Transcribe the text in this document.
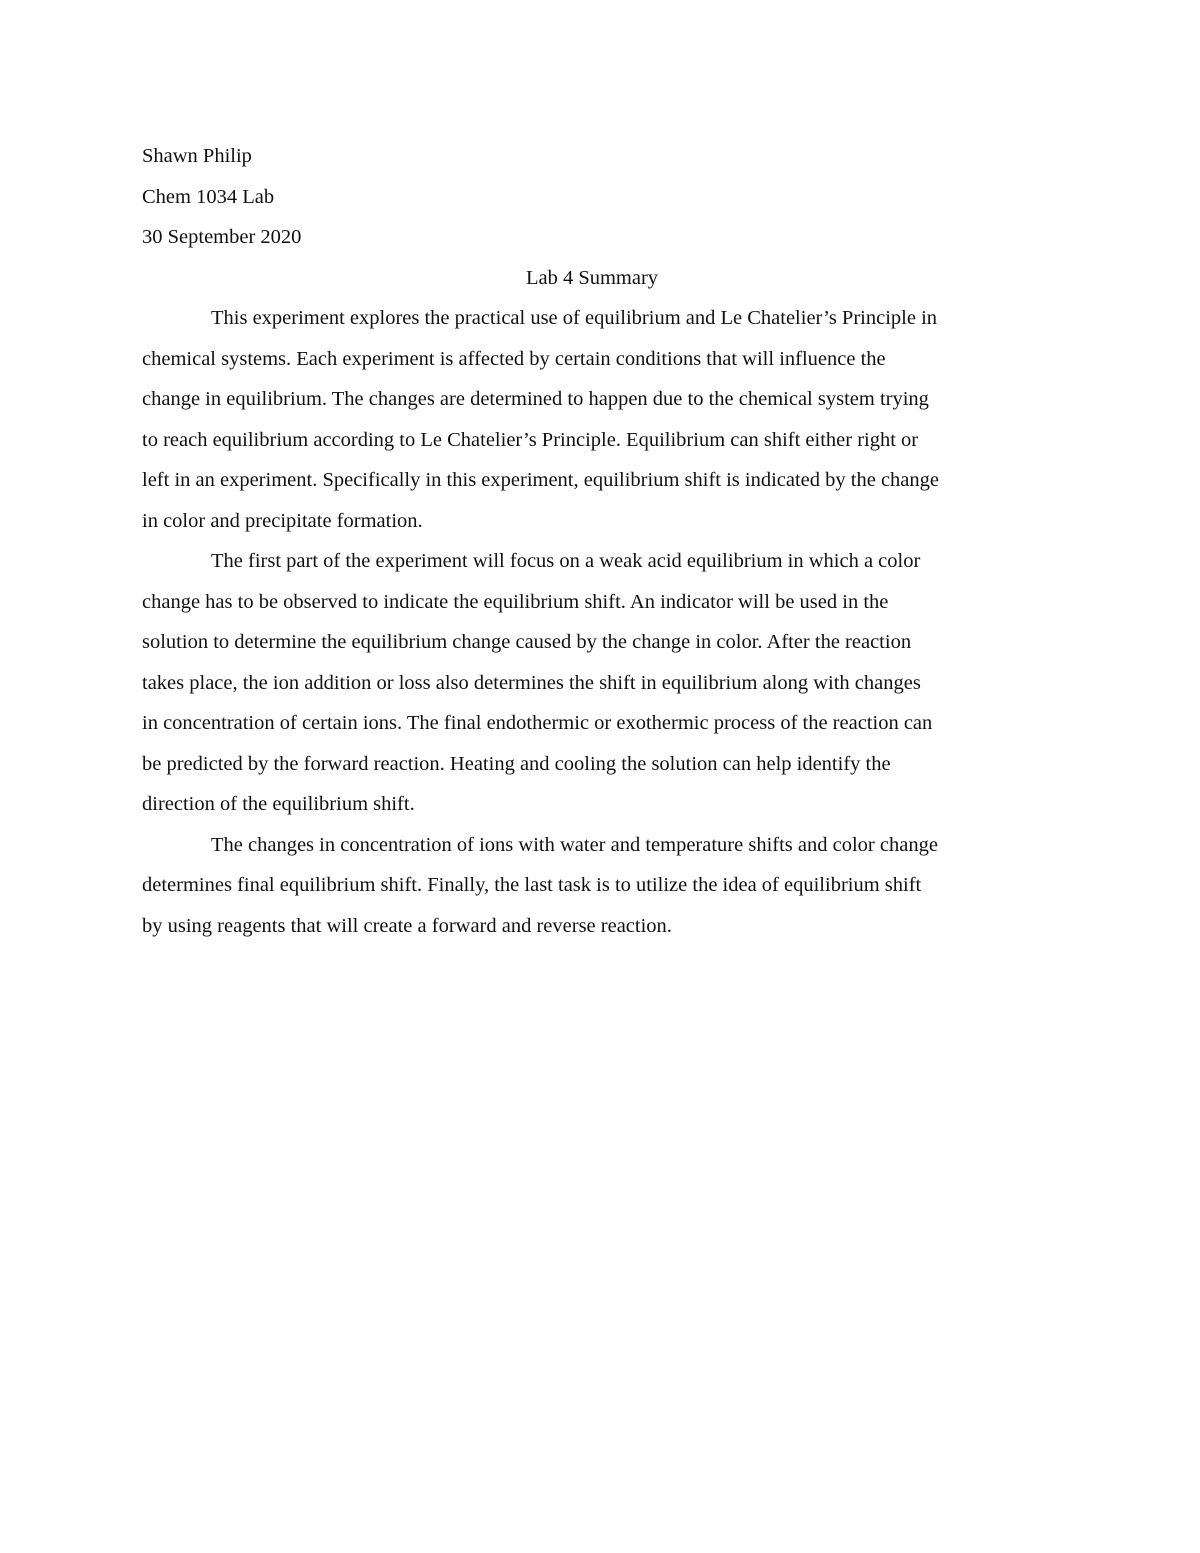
Shawn Philip
Chem 1034 Lab
30 September 2020
Lab 4 Summary
This experiment explores the practical use of equilibrium and Le Chatelier’s Principle in
chemical systems. Each experiment is affected by certain conditions that will influence the
change in equilibrium. The changes are determined to happen due to the chemical system trying
to reach equilibrium according to Le Chatelier’s Principle. Equilibrium can shift either right or
left in an experiment. Specifically in this experiment, equilibrium shift is indicated by the change
in color and precipitate formation.
The first part of the experiment will focus on a weak acid equilibrium in which a color
change has to be observed to indicate the equilibrium shift. An indicator will be used in the
solution to determine the equilibrium change caused by the change in color. After the reaction
takes place, the ion addition or loss also determines the shift in equilibrium along with changes
in concentration of certain ions. The final endothermic or exothermic process of the reaction can
be predicted by the forward reaction. Heating and cooling the solution can help identify the
direction of the equilibrium shift.
The changes in concentration of ions with water and temperature shifts and color change
determines final equilibrium shift. Finally, the last task is to utilize the idea of equilibrium shift
by using reagents that will create a forward and reverse reaction.
